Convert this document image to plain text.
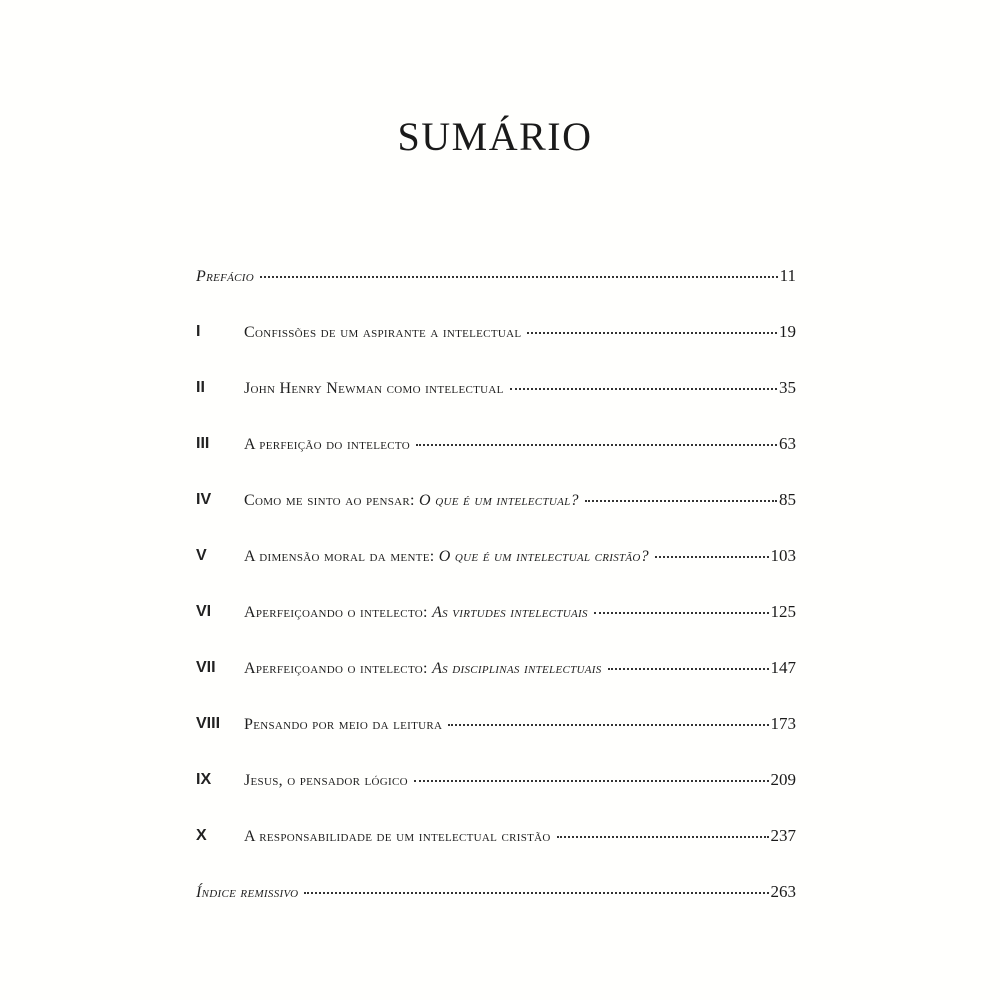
SUMÁRIO
Prefácio	11
I	Confissões de um aspirante a intelectual	19
II	John Henry Newman como intelectual	35
III	A perfeição do intelecto	63
IV	Como me sinto ao pensar: O que é um intelectual?	85
V	A dimensão moral da mente: O que é um intelectual cristão?	103
VI	Aperfeiçoando o intelecto: As virtudes intelectuais	125
VII	Aperfeiçoando o intelecto: As disciplinas intelectuais	147
VIII	Pensando por meio da leitura	173
IX	Jesus, o pensador lógico	209
X	A responsabilidade de um intelectual cristão	237
Índice remissivo	263
